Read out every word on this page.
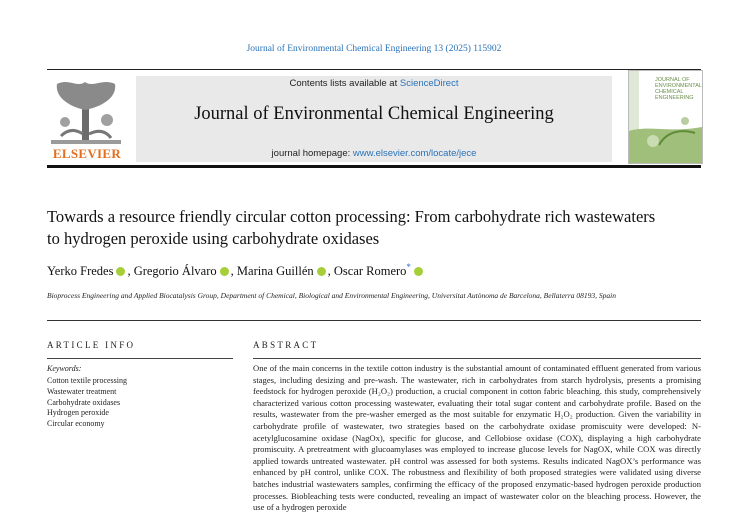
Journal of Environmental Chemical Engineering 13 (2025) 115902
ELSEVIER
Contents lists available at ScienceDirect
Journal of Environmental Chemical Engineering
journal homepage: www.elsevier.com/locate/jece
JOURNAL OF ENVIRONMENTAL CHEMICAL ENGINEERING
Towards a resource friendly circular cotton processing: From carbohydrate rich wastewaters to hydrogen peroxide using carbohydrate oxidases
Yerko Fredes , Gregorio Álvaro , Marina Guillén , Oscar Romero*
Bioprocess Engineering and Applied Biocatalysis Group, Department of Chemical, Biological and Environmental Engineering, Universitat Autònoma de Barcelona, Bellaterra 08193, Spain
ARTICLE INFO	ABSTRACT
Keywords:
Cotton textile processing
Wastewater treatment
Carbohydrate oxidases
Hydrogen peroxide
Circular economy

One of the main concerns in the textile cotton industry is the substantial amount of contaminated effluent generated from various stages, including desizing and pre-wash. The wastewater, rich in carbohydrates from starch hydrolysis, presents a promising feedstock for hydrogen peroxide (H₂O₂) production, a crucial component in cotton fabric bleaching. this study, comprehensively characterized various cotton processing wastewater, evaluating their total sugar content and carbohydrate profile. Based on the results, wastewater from the pre-washer emerged as the most suitable for enzymatic H₂O₂ production. Given the variability in carbohydrate profile of wastewater, two strategies based on the carbohydrate oxidase promiscuity were developed: N-acetylglucosamine oxidase (NagOx), specific for glucose, and Cellobiose oxidase (COX), displaying a high carbohydrate promiscuity. A pretreatment with glucoamylases was employed to increase glucose levels for NagOX, while COX was directly applied towards untreated wastewater. pH control was assessed for both systems. Results indicated NagOX’s performance was enhanced by pH control, unlike COX. The robustness and flexibility of both proposed strategies were validated using diverse batches industrial wastewaters samples, confirming the efficacy of the proposed enzymatic-based hydrogen peroxide production processes. Biobleaching tests were conducted, revealing an impact of wastewater color on the bleaching process. However, the use of a hydrogen peroxide
